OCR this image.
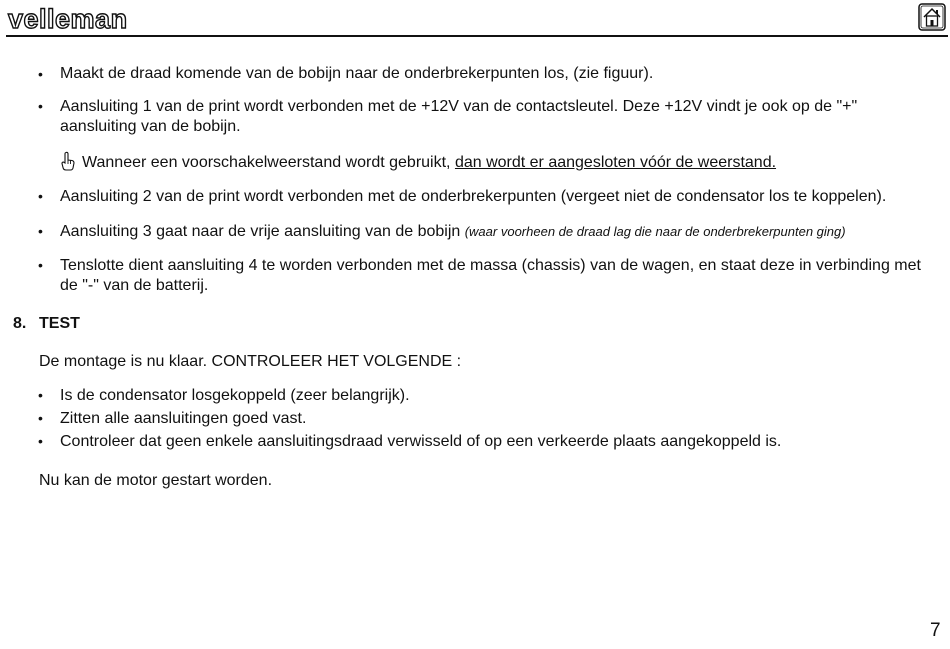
velleman
• Maakt de draad komende van de bobijn naar de onderbrekerpunten los, (zie figuur).
• Aansluiting 1 van de print wordt verbonden met de +12V van de contactsleutel. Deze +12V vindt je ook op de "+" aansluiting van de bobijn.
Wanneer een voorschakelweerstand wordt gebruikt, dan wordt er aangesloten vóór de weerstand.
• Aansluiting 2 van de print wordt verbonden met de onderbrekerpunten (vergeet niet de condensator los te koppelen).
• Aansluiting 3 gaat naar de vrije aansluiting van de bobijn (waar voorheen de draad lag die naar de onderbrekerpunten ging)
• Tenslotte dient aansluiting 4 te worden verbonden met de massa (chassis) van de wagen, en staat deze in verbinding met de "-" van de batterij.
8. TEST
De montage is nu klaar. CONTROLEER HET VOLGENDE :
• Is de condensator losgekoppeld (zeer belangrijk).
• Zitten alle aansluitingen goed vast.
• Controleer dat geen enkele aansluitingsdraad verwisseld of op een verkeerde plaats aangekoppeld is.
Nu kan de motor gestart worden.
7
